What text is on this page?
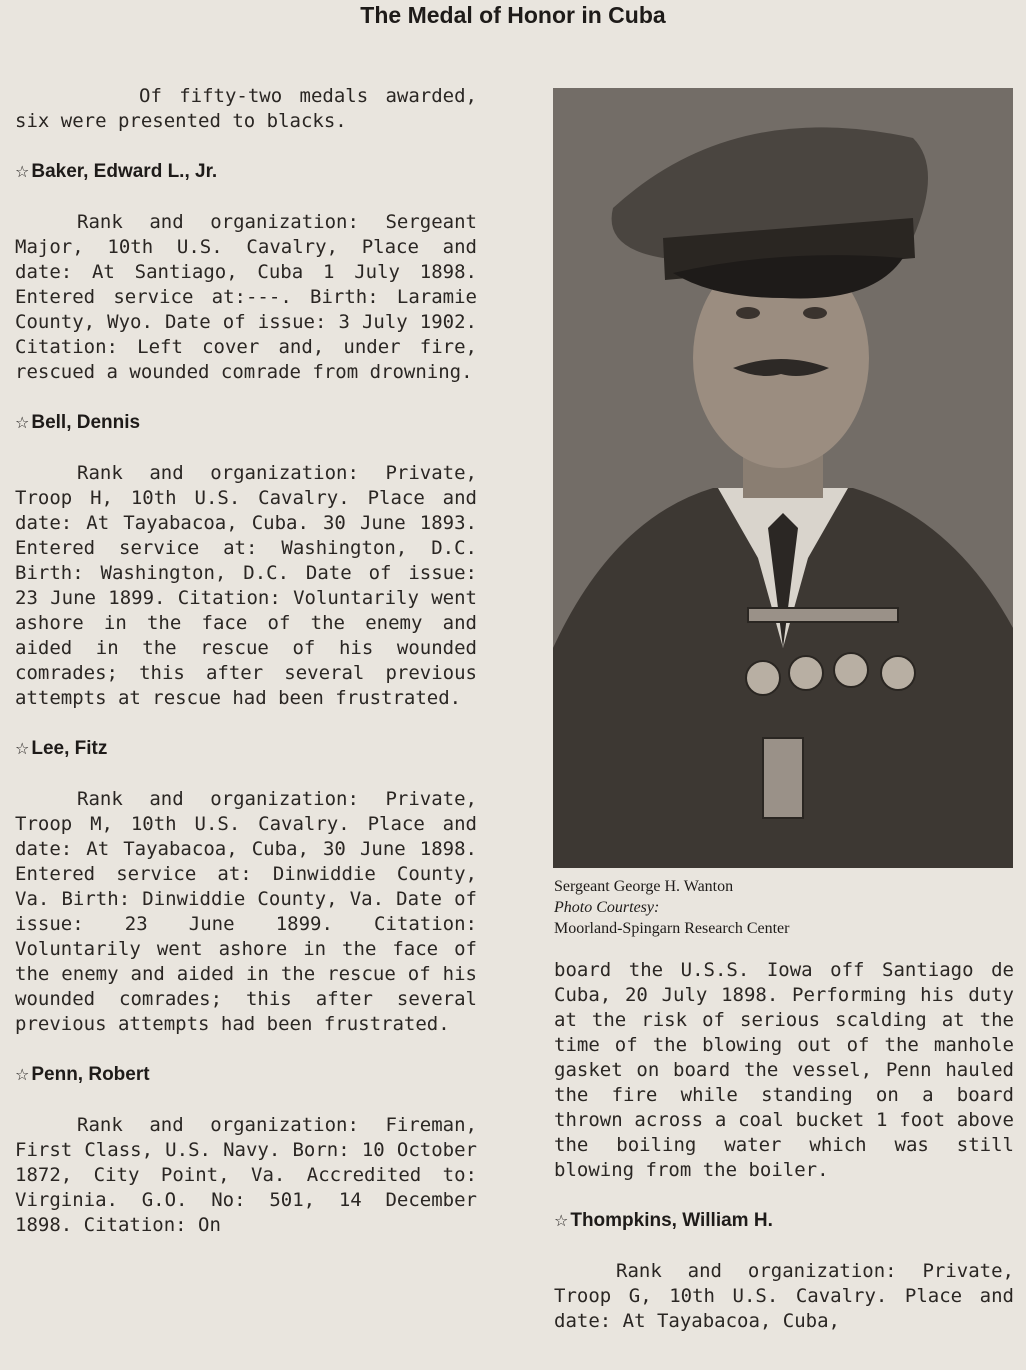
The Medal of Honor in Cuba

Of fifty-two medals awarded, six were presented to blacks.

☆ Baker, Edward L., Jr.

Rank and organization: Sergeant Major, 10th U.S. Cavalry, Place and date: At Santiago, Cuba 1 July 1898. Entered service at:---. Birth: Laramie County, Wyo. Date of issue: 3 July 1902. Citation: Left cover and, under fire, rescued a wounded comrade from drowning.

☆ Bell, Dennis

Rank and organization: Private, Troop H, 10th U.S. Cavalry. Place and date: At Tayabacoa, Cuba. 30 June 1893. Entered service at: Washington, D.C. Birth: Washington, D.C. Date of issue: 23 June 1899. Citation: Voluntarily went ashore in the face of the enemy and aided in the rescue of his wounded comrades; this after several previous attempts at rescue had been frustrated.

☆ Lee, Fitz

Rank and organization: Private, Troop M, 10th U.S. Cavalry. Place and date: At Tayabacoa, Cuba, 30 June 1898. Entered service at: Dinwiddie County, Va. Birth: Dinwiddie County, Va. Date of issue: 23 June 1899. Citation: Voluntarily went ashore in the face of the enemy and aided in the rescue of his wounded comrades; this after several previous attempts had been frustrated.

☆ Penn, Robert

Rank and organization: Fireman, First Class, U.S. Navy. Born: 10 October 1872, City Point, Va. Accredited to: Virginia. G.O. No: 501, 14 December 1898. Citation: On

Sergeant George H. Wanton
Photo Courtesy:
Moorland-Spingarn Research Center

board the U.S.S. Iowa off Santiago de Cuba, 20 July 1898. Performing his duty at the risk of serious scalding at the time of the blowing out of the manhole gasket on board the vessel, Penn hauled the fire while standing on a board thrown across a coal bucket 1 foot above the boiling water which was still blowing from the boiler.

☆ Thompkins, William H.

Rank and organization: Private, Troop G, 10th U.S. Cavalry. Place and date: At Tayabacoa, Cuba,
